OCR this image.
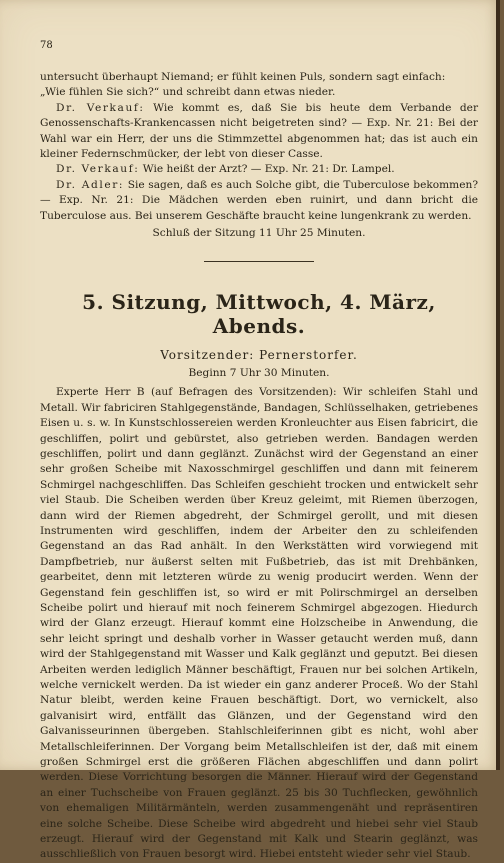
78

untersucht überhaupt Niemand; er fühlt keinen Puls, sondern sagt einfach:

„Wie fühlen Sie sich?“ und schreibt dann etwas nieder.

Dr. Verkauf: Wie kommt es, daß Sie bis heute dem Verbande der Genossenschafts-Krankencassen nicht beigetreten sind? — Exp. Nr. 21: Bei der Wahl war ein Herr, der uns die Stimmzettel abgenommen hat; das ist auch ein kleiner Federnschmücker, der lebt von dieser Casse.

Dr. Verkauf: Wie heißt der Arzt? — Exp. Nr. 21: Dr. Lampel.

Dr. Adler: Sie sagen, daß es auch Solche gibt, die Tuberculose bekommen? — Exp. Nr. 21: Die Mädchen werden eben ruinirt, und dann bricht die Tuberculose aus. Bei unserem Geschäfte braucht keine lungenkrank zu werden.

Schluß der Sitzung 11 Uhr 25 Minuten.

5. Sitzung, Mittwoch, 4. März, Abends.

Vorsitzender: Pernerstorfer.

Beginn 7 Uhr 30 Minuten.

Experte Herr B (auf Befragen des Vorsitzenden): Wir schleifen Stahl und Metall. Wir fabriciren Stahlgegenstände, Bandagen, Schlüsselhaken, getriebenes Eisen u. s. w. In Kunstschlossereien werden Kronleuchter aus Eisen fabricirt, die geschliffen, polirt und gebürstet, also getrieben werden. Bandagen werden geschliffen, polirt und dann geglänzt. Zunächst wird der Gegenstand an einer sehr großen Scheibe mit Naxosschmirgel geschliffen und dann mit feinerem Schmirgel nachgeschliffen. Das Schleifen geschieht trocken und entwickelt sehr viel Staub. Die Scheiben werden über Kreuz geleimt, mit Riemen überzogen, dann wird der Riemen abgedreht, der Schmirgel gerollt, und mit diesen Instrumenten wird geschliffen, indem der Arbeiter den zu schleifenden Gegenstand an das Rad anhält. In den Werkstätten wird vorwiegend mit Dampfbetrieb, nur äußerst selten mit Fußbetrieb, das ist mit Drehbänken, gearbeitet, denn mit letzteren würde zu wenig producirt werden. Wenn der Gegenstand fein geschliffen ist, so wird er mit Polirschmirgel an derselben Scheibe polirt und hierauf mit noch feinerem Schmirgel abgezogen. Hiedurch wird der Glanz erzeugt. Hierauf kommt eine Holzscheibe in Anwendung, die sehr leicht springt und deshalb vorher in Wasser getaucht werden muß, dann wird der Stahlgegenstand mit Wasser und Kalk geglänzt und geputzt. Bei diesen Arbeiten werden lediglich Männer beschäftigt, Frauen nur bei solchen Artikeln, welche vernickelt werden. Da ist wieder ein ganz anderer Proceß. Wo der Stahl Natur bleibt, werden keine Frauen beschäftigt. Dort, wo vernickelt, also galvanisirt wird, entfällt das Glänzen, und der Gegenstand wird den Galvanisseurinnen übergeben. Stahlschleiferinnen gibt es nicht, wohl aber Metallschleiferinnen. Der Vorgang beim Metallschleifen ist der, daß mit einem großen Schmirgel erst die größeren Flächen abgeschliffen und dann polirt werden. Diese Vorrichtung besorgen die Männer. Hierauf wird der Gegenstand an einer Tuchscheibe von Frauen geglänzt. 25 bis 30 Tuchflecken, gewöhnlich von ehemaligen Militärmänteln, werden zusammengenäht und repräsentiren eine solche Scheibe. Diese Scheibe wird abgedreht und hiebei sehr viel Staub erzeugt. Hierauf wird der Gegenstand mit Kalk und Stearin geglänzt, was ausschließlich von Frauen besorgt wird. Hiebei entsteht wieder sehr viel Staub.
